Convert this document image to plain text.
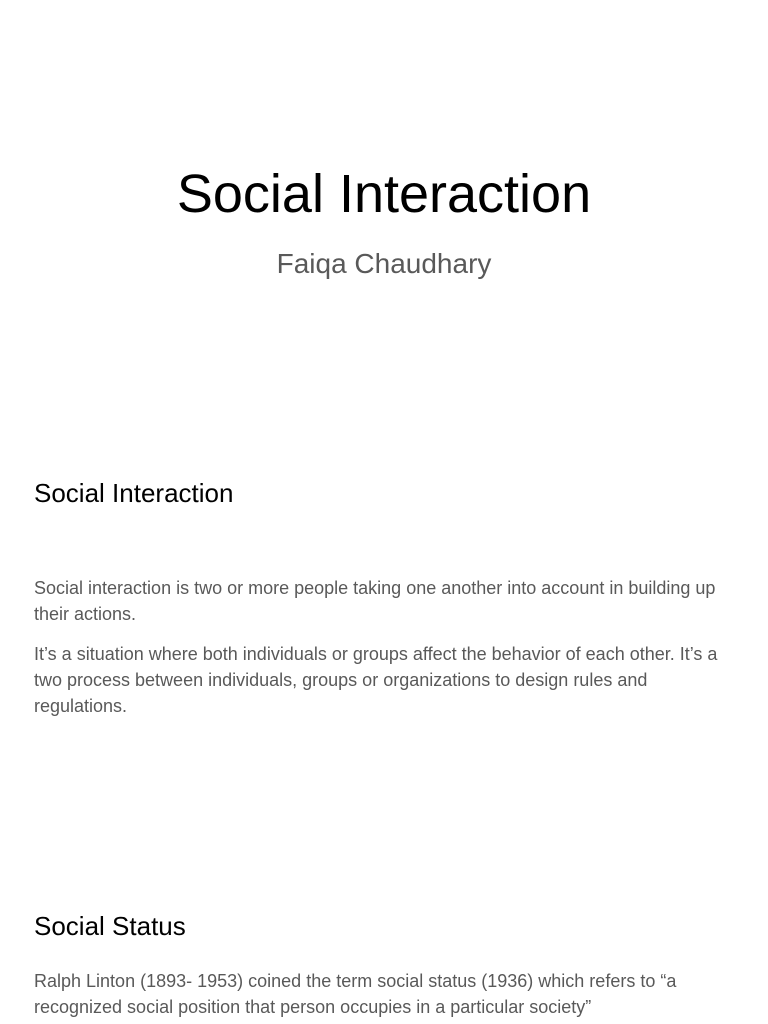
Social Interaction

Faiqa Chaudhary

Social Interaction

Social interaction is two or more people taking one another into account in building up their actions.

It’s a situation where both individuals or groups affect the behavior of each other. It’s a two process between individuals, groups or organizations to design rules and regulations.

Social Status

Ralph Linton (1893- 1953) coined the term social status (1936) which refers to “a recognized social position that person occupies in a particular society”
